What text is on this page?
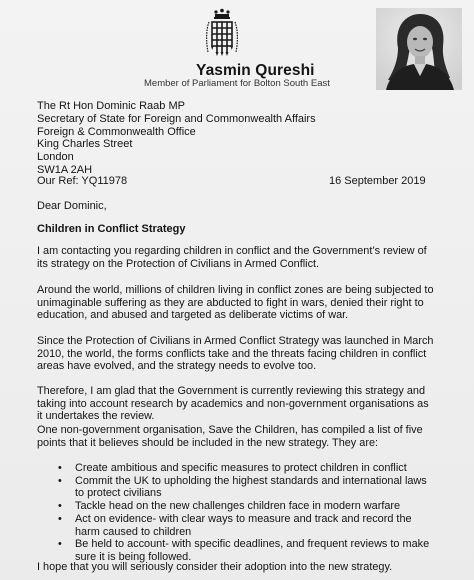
Yasmin Qureshi
Member of Parliament for Bolton South East
The Rt Hon Dominic Raab MP
Secretary of State for Foreign and Commonwealth Affairs
Foreign & Commonwealth Office
King Charles Street
London
SW1A 2AH
Our Ref: YQ11978	16 September 2019
Dear Dominic,
Children in Conflict Strategy

I am contacting you regarding children in conflict and the Government’s review of its strategy on the Protection of Civilians in Armed Conflict.

Around the world, millions of children living in conflict zones are being subjected to unimaginable suffering as they are abducted to fight in wars, denied their right to education, and abused and targeted as deliberate victims of war.

Since the Protection of Civilians in Armed Conflict Strategy was launched in March 2010, the world, the forms conflicts take and the threats facing children in conflict areas have evolved, and the strategy needs to evolve too.

Therefore, I am glad that the Government is currently reviewing this strategy and taking into account research by academics and non-government organisations as it undertakes the review.

One non-government organisation, Save the Children, has compiled a list of five points that it believes should be included in the new strategy. They are:

• Create ambitious and specific measures to protect children in conflict
• Commit the UK to upholding the highest standards and international laws to protect civilians
• Tackle head on the new challenges children face in modern warfare
• Act on evidence- with clear ways to measure and track and record the harm caused to children
• Be held to account- with specific deadlines, and frequent reviews to make sure it is being followed.
I hope that you will seriously consider their adoption into the new strategy.
